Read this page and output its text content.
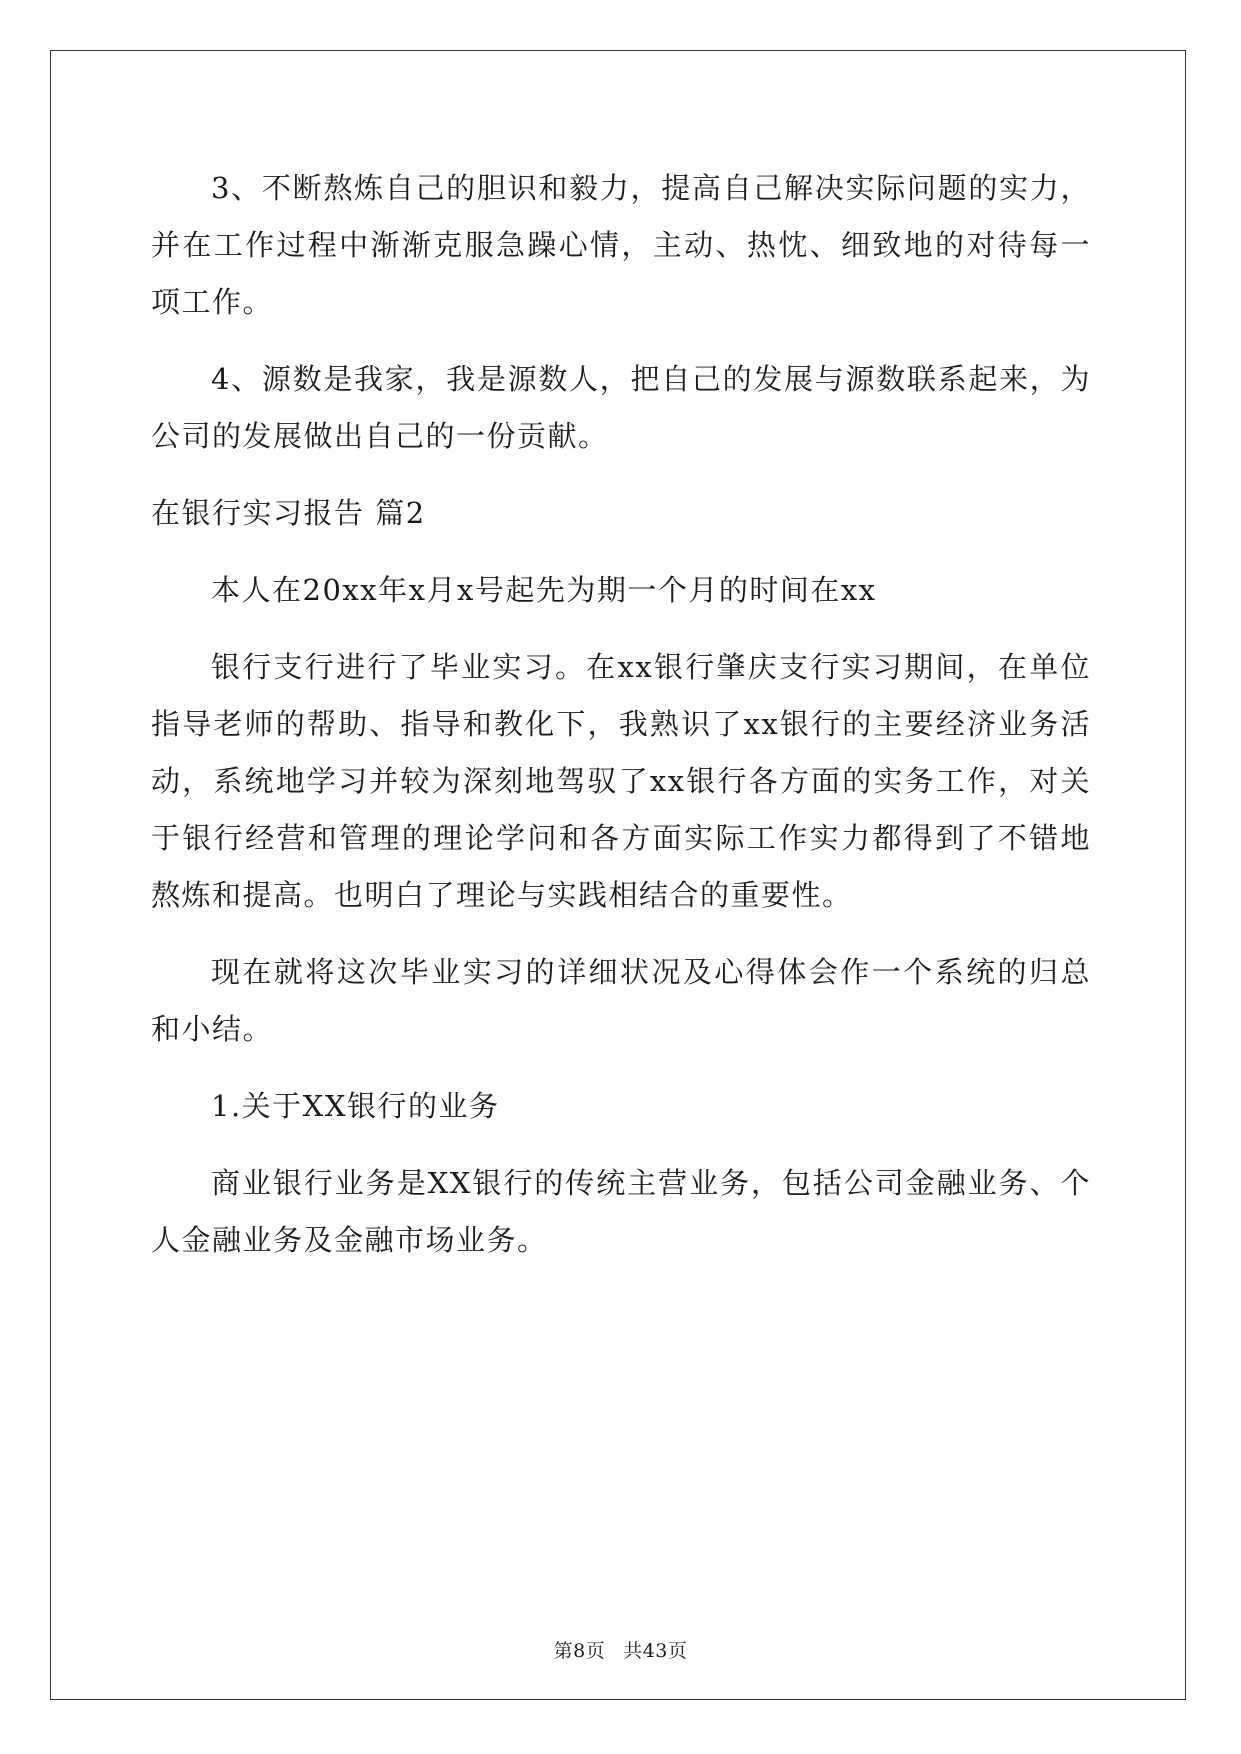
3、不断熬炼自己的胆识和毅力，提高自己解决实际问题的实力，并在工作过程中渐渐克服急躁心情，主动、热忱、细致地的对待每一项工作。

4、源数是我家，我是源数人，把自己的发展与源数联系起来，为公司的发展做出自己的一份贡献。

在银行实习报告 篇2

本人在20xx年x月x号起先为期一个月的时间在xx

银行支行进行了毕业实习。在xx银行肇庆支行实习期间，在单位指导老师的帮助、指导和教化下，我熟识了xx银行的主要经济业务活动，系统地学习并较为深刻地驾驭了xx银行各方面的实务工作，对关于银行经营和管理的理论学问和各方面实际工作实力都得到了不错地熬炼和提高。也明白了理论与实践相结合的重要性。

现在就将这次毕业实习的详细状况及心得体会作一个系统的归总和小结。

1.关于XX银行的业务

商业银行业务是XX银行的传统主营业务，包括公司金融业务、个人金融业务及金融市场业务。

第8页 共43页
